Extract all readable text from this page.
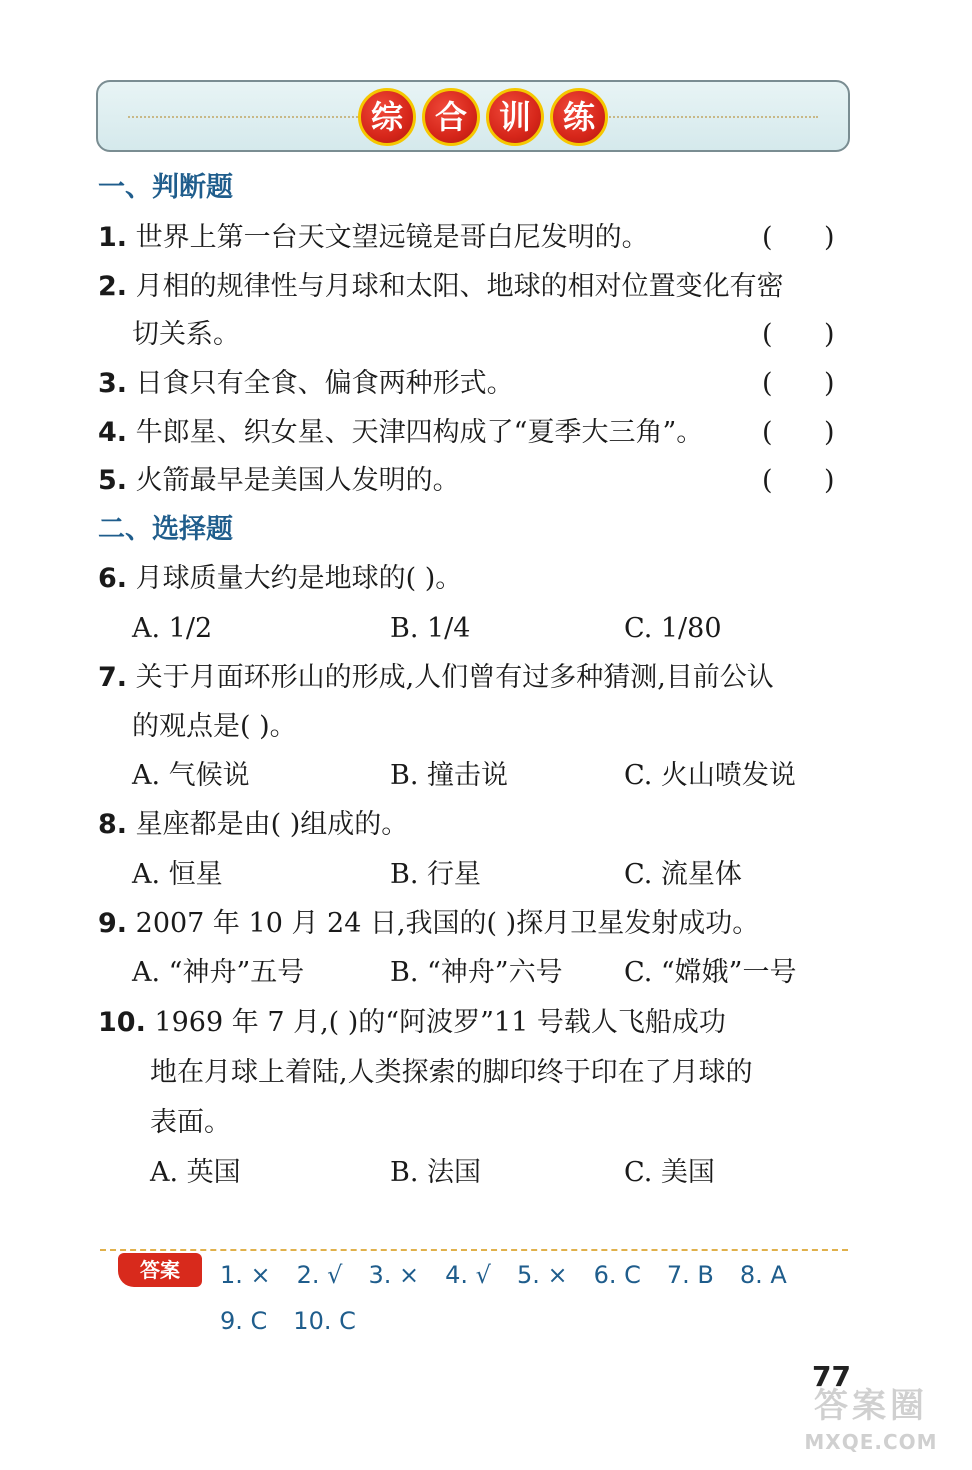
综 合 训 练
一、判断题
1. 世界上第一台天文望远镜是哥白尼发明的。	(      )
2. 月相的规律性与月球和太阳、地球的相对位置变化有密
切关系。	(      )
3. 日食只有全食、偏食两种形式。	(      )
4. 牛郎星、织女星、天津四构成了“夏季大三角”。 (      )
5. 火箭最早是美国人发明的。	(      )
二、选择题
6. 月球质量大约是地球的( )。
A. 1/2	B. 1/4	C. 1/80
7. 关于月面环形山的形成,人们曾有过多种猜测,目前公认
的观点是( )。
A. 气候说	B. 撞击说	C. 火山喷发说
8. 星座都是由( )组成的。
A. 恒星	B. 行星	C. 流星体
9. 2007 年 10 月 24 日,我国的( )探月卫星发射成功。
A. “神舟”五号	B. “神舟”六号 C. “嫦娥”一号
10. 1969 年 7 月,( )的“阿波罗”11 号载人飞船成功
地在月球上着陆,人类探索的脚印终于印在了月球的
表面。
A. 英国	B. 法国	C. 美国
答案	1. × 2. √ 3. × 4. √ 5. × 6. C 7. B 8. A
9. C 10. C
77
答案圈
MXQE.COM
